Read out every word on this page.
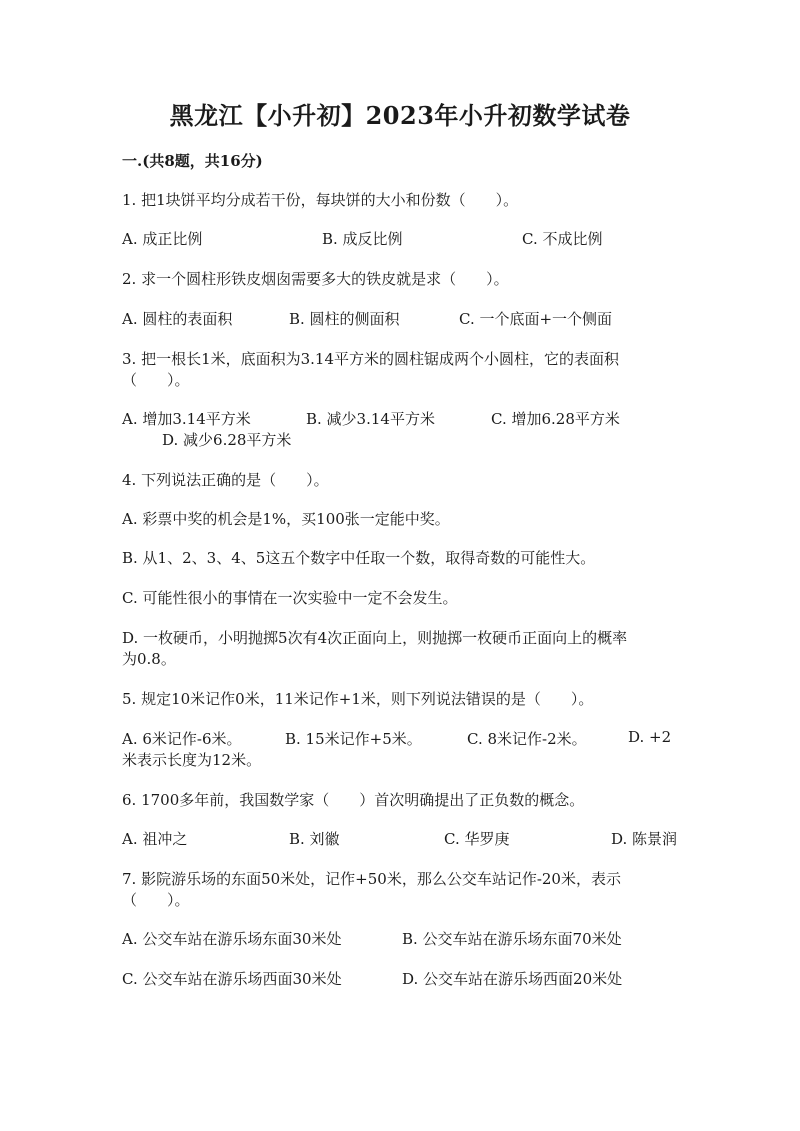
黑龙江【小升初】2023年小升初数学试卷
一.(共8题，共16分)
1. 把1块饼平均分成若干份，每块饼的大小和份数（　　）。
A. 成正比例	B. 成反比例	C. 不成比例
2. 求一个圆柱形铁皮烟囱需要多大的铁皮就是求（　　）。
A. 圆柱的表面积	B. 圆柱的侧面积	C. 一个底面+一个侧面
3. 把一根长1米，底面积为3.14平方米的圆柱锯成两个小圆柱，它的表面积
（　　）。
A. 增加3.14平方米	B. 减少3.14平方米	C. 增加6.28平方米
D. 减少6.28平方米
4. 下列说法正确的是（　　）。
A. 彩票中奖的机会是1%，买100张一定能中奖。
B. 从1、2、3、4、5这五个数字中任取一个数，取得奇数的可能性大。
C. 可能性很小的事情在一次实验中一定不会发生。
D. 一枚硬币，小明抛掷5次有4次正面向上，则抛掷一枚硬币正面向上的概率
为0.8。
5. 规定10米记作0米，11米记作+1米，则下列说法错误的是（　　）。
A. 6米记作-6米。	B. 15米记作+5米。	C. 8米记作-2米。	D. +2
米表示长度为12米。
6. 1700多年前，我国数学家（　　）首次明确提出了正负数的概念。
A. 祖冲之	B. 刘徽	C. 华罗庚	D. 陈景润
7. 影院游乐场的东面50米处，记作+50米，那么公交车站记作-20米，表示
（　　）。
A. 公交车站在游乐场东面30米处	B. 公交车站在游乐场东面70米处
C. 公交车站在游乐场西面30米处	D. 公交车站在游乐场西面20米处
